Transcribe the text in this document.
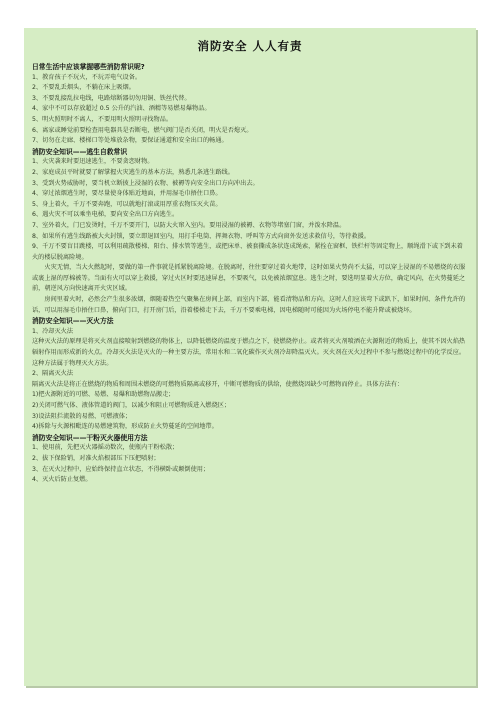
消防安全 人人有责

日常生活中应该掌握哪些消防常识呢?

1、教育孩子不玩火，不玩弄电气设备。

2、不要乱丢烟头，不躺在床上吸烟。

3、不要乱接乱拉电线，电路熔断器切勿用铜、铁丝代替。

4、家中不可以存放超过 0.5 公升的汽油、酒精等易燃易爆物品。

5、明火照明时不离人，不要用明火照明寻找物品。

6、离家或睡觉前要检查用电器具是否断电，燃气阀门是否关闭，明火是否熄灭。

7、切勿在走廊、楼梯口等处堆放杂物，要保证通道和安全出口的畅通。

消防安全知识——逃生自救常识

1、火灾袭来时要迅速逃生，不要贪恋财物。

2、家庭成员平时就要了解掌握火灾逃生的基本方法，熟悉几条逃生路线。

3、受到火势威胁时，要当机立断披上浸湿的衣物、被褥等向安全出口方向冲出去。

4、穿过浓烟逃生时，要尽量使身体贴近地面，并用湿毛巾捂住口鼻。

5、身上着火，千万不要奔跑，可以就地打滚或用厚重衣物压灭火苗。

6、遇火灾不可以乘坐电梯，要向安全出口方向逃生。

7、室外着火，门已发烫时，千万不要开门，以防大火窜入室内。要用浸湿的被褥、衣物等堵塞门窗，并泼水降温。

8、如果所有逃生线路被大火封锁，要立即退回室内，用打手电筒、挥舞衣物、呼叫等方式向窗外发送求救信号，等待救援。

9、千万不要盲目跳楼，可以利用疏散楼梯、阳台、排水管等逃生，或把床单、被套撕成条状连成绳索，紧拴在窗框、铁栏杆等固定物上，顺绳滑下或下到未着火的楼层脱离险境。

火灾无情，当大火燃起时，要做的第一件事就是抓紧脱离险境。在脱离时，往往要穿过着火地带，这时如果火势尚不太猛，可以穿上浸湿的不易燃烧的衣服或裹上湿的厚棉被等。当面有火可以穿上救援，穿过火区时要迅速屏息，不要吸气，以免被浓烟窒息。逃生之时，要选明显着火方位，确定风向，在火势蔓延之前，朝逆风方向快速离开火灾区域。

房间里着火时，必然会产生很多浓烟，烟随着热空气聚集在房间上部，而室内下部，能看清物品和方向，这时人们应该弯下或趴下，如果时间、条件允许的话，可以用湿毛巾捂住口鼻，俯向门口，打开房门后，沿着楼梯走下去，千万不要乘电梯，因电梯随时可能因为火场停电不能升降或被烧坏。

消防安全知识——灭火方法

1、冷却灭火法

这种灭火法的原理是将灭火剂直接喷射到燃烧的物体上，以降低燃烧的温度于燃点之下，使燃烧停止。或者将灭火剂喷洒在火源附近的物质上，使其不因火焰热辐射作用而形成新的火点。冷却灭火法是灭火的一种主要方法，常用水和二氧化碳作灭火剂冷却降温灭火。灭火剂在灭火过程中不参与燃烧过程中的化学反应。这种方法属于物理灭火方法。

2、隔离灭火法

隔离灭火法是将正在燃烧的物质和周围未燃烧的可燃物质隔离或移开，中断可燃物质的供给，使燃烧因缺少可燃物而停止。具体方法有：

1)把火源附近的可燃、易燃、易爆和助燃物品搬走；

2)关闭可燃气体、液体管道的阀门，以减少和阻止可燃物质进入燃烧区；

3)设法阻拦流散的易燃、可燃液体；

4)拆除与火源相毗连的易燃建筑物，形成防止火势蔓延的空间地带。

消防安全知识——干粉灭火器使用方法

1、使用前，先把灭火器摇动数次，使瓶内干粉松散；

2、拔下保险销，对准火焰根部压下压把喷射；

3、在灭火过程中，应始终保持直立状态，不得横卧或颠倒使用；

4、灭火后防止复燃。
